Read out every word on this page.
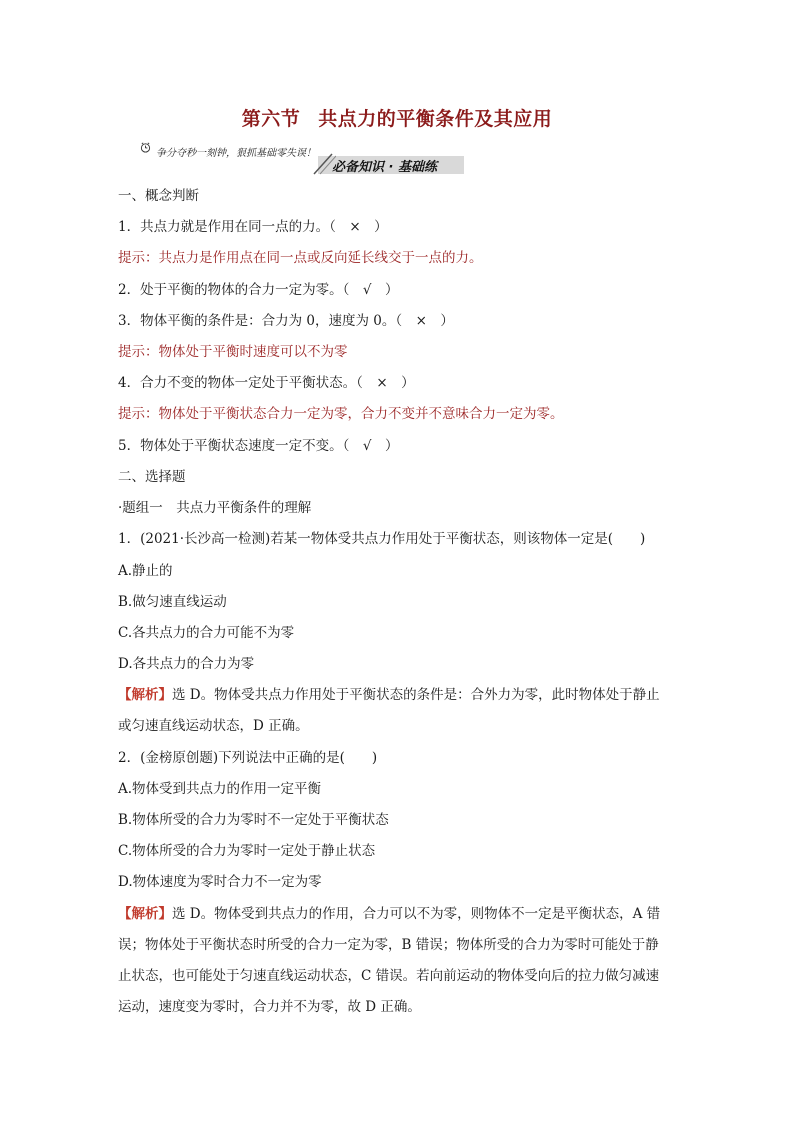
第六节 共点力的平衡条件及其应用
争分夺秒一刻钟，狠抓基础零失误！
必备知识 · 基础练
一、概念判断
1．共点力就是作用在同一点的力。（　×　）
提示：共点力是作用点在同一点或反向延长线交于一点的力。
2．处于平衡的物体的合力一定为零。（　√　）
3．物体平衡的条件是：合力为 0，速度为 0。（　×　）
提示：物体处于平衡时速度可以不为零
4．合力不变的物体一定处于平衡状态。（　×　）
提示：物体处于平衡状态合力一定为零，合力不变并不意味合力一定为零。
5．物体处于平衡状态速度一定不变。（　√　）
二、选择题
·题组一　共点力平衡条件的理解
1．(2021·长沙高一检测)若某一物体受共点力作用处于平衡状态，则该物体一定是(　　)
A.静止的
B.做匀速直线运动
C.各共点力的合力可能不为零
D.各共点力的合力为零
【解析】选 D。物体受共点力作用处于平衡状态的条件是：合外力为零，此时物体处于静止
或匀速直线运动状态，D 正确。
2．(金榜原创题)下列说法中正确的是(　　)
A.物体受到共点力的作用一定平衡
B.物体所受的合力为零时不一定处于平衡状态
C.物体所受的合力为零时一定处于静止状态
D.物体速度为零时合力不一定为零
【解析】选 D。物体受到共点力的作用，合力可以不为零，则物体不一定是平衡状态，A 错
误；物体处于平衡状态时所受的合力一定为零，B 错误；物体所受的合力为零时可能处于静
止状态，也可能处于匀速直线运动状态，C 错误。若向前运动的物体受向后的拉力做匀减速
运动，速度变为零时，合力并不为零，故 D 正确。
